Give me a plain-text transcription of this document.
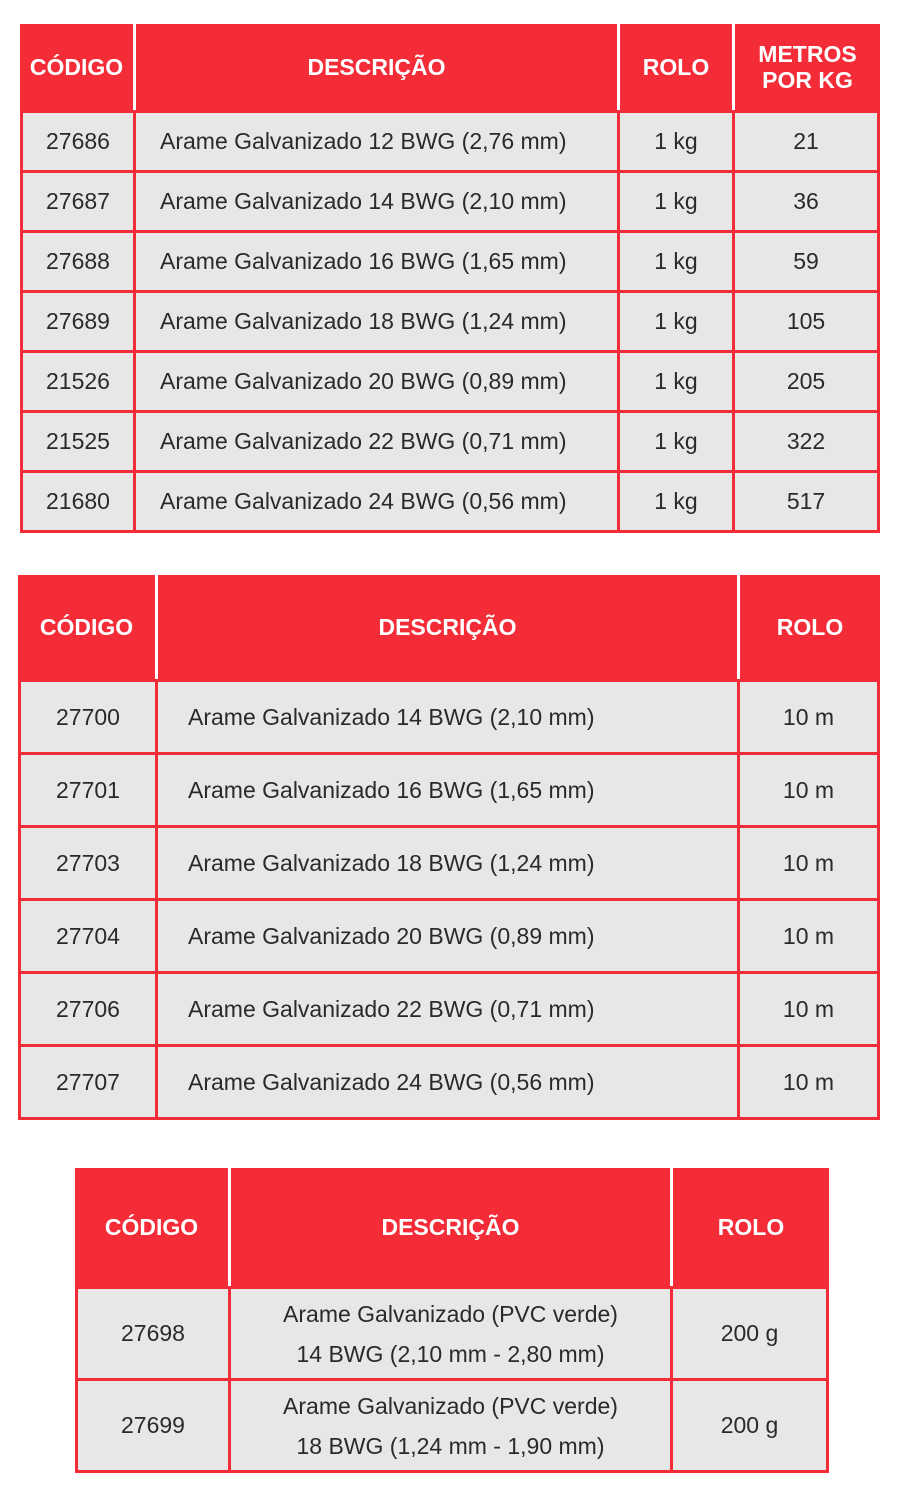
CÓDIGO	DESCRIÇÃO	ROLO	METROS
POR KG

27686	Arame Galvanizado 12 BWG (2,76 mm)	1 kg	21
27687	Arame Galvanizado 14 BWG (2,10 mm)	1 kg	36
27688	Arame Galvanizado 16 BWG (1,65 mm)	1 kg	59
27689	Arame Galvanizado 18 BWG (1,24 mm)	1 kg	105
21526	Arame Galvanizado 20 BWG (0,89 mm)	1 kg	205
21525	Arame Galvanizado 22 BWG (0,71 mm)	1 kg	322
21680	Arame Galvanizado 24 BWG (0,56 mm)	1 kg	517
CÓDIGO	DESCRIÇÃO	ROLO
27700	Arame Galvanizado 14 BWG (2,10 mm)	10 m
27701	Arame Galvanizado 16 BWG (1,65 mm)	10 m
27703	Arame Galvanizado 18 BWG (1,24 mm)	10 m
27704	Arame Galvanizado 20 BWG (0,89 mm)	10 m
27706	Arame Galvanizado 22 BWG (0,71 mm)	10 m
27707	Arame Galvanizado 24 BWG (0,56 mm)	10 m
CÓDIGO	DESCRIÇÃO	ROLO
27698	Arame Galvanizado (PVC verde)
14 BWG (2,10 mm - 2,80 mm)	200 g
27699	Arame Galvanizado (PVC verde)
18 BWG (1,24 mm - 1,90 mm)	200 g
